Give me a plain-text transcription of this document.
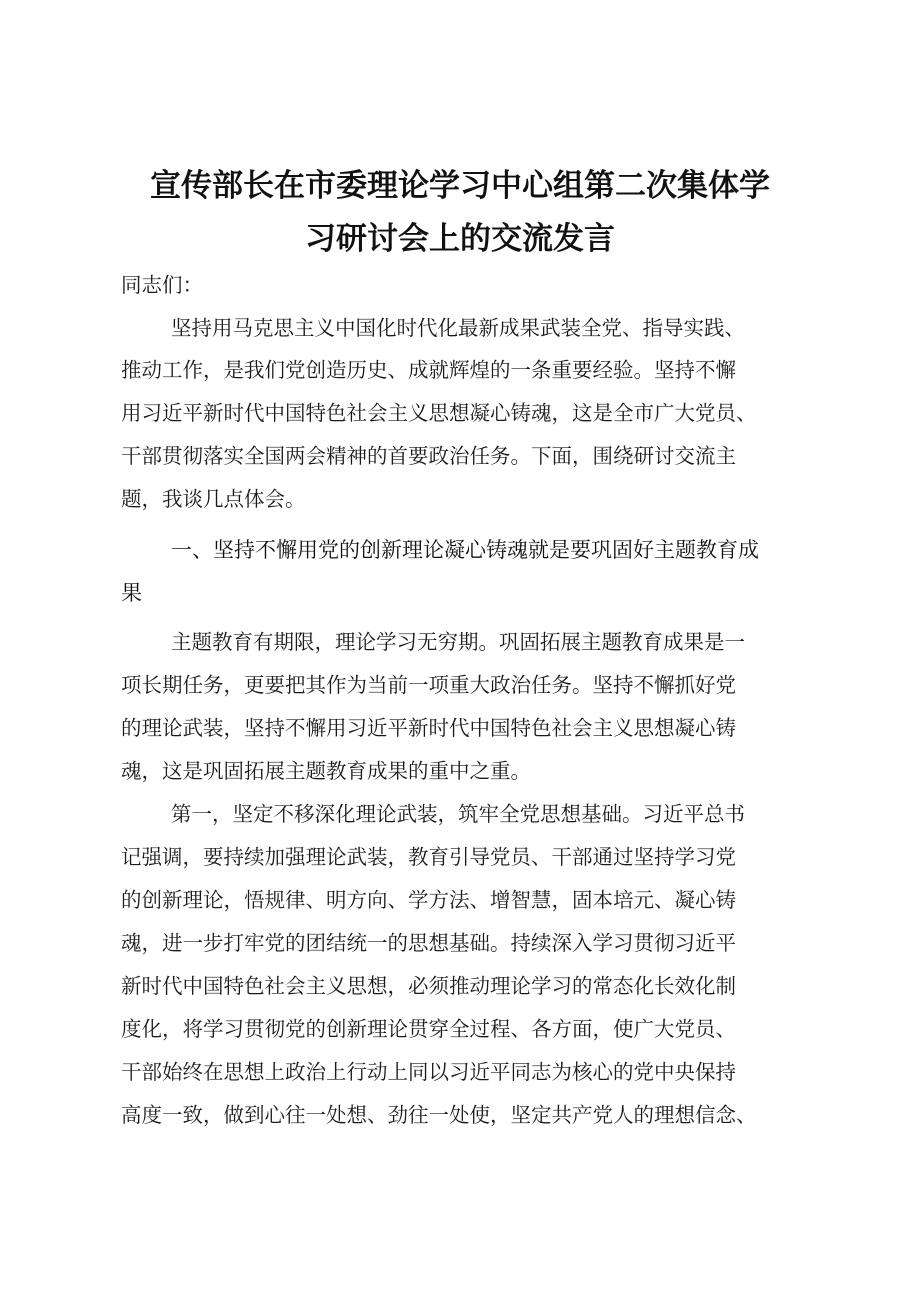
宣传部长在市委理论学习中心组第二次集体学
习研讨会上的交流发言
同志们：
坚持用马克思主义中国化时代化最新成果武装全党、指导实践、
推动工作，是我们党创造历史、成就辉煌的一条重要经验。坚持不懈
用习近平新时代中国特色社会主义思想凝心铸魂，这是全市广大党员、
干部贯彻落实全国两会精神的首要政治任务。下面，围绕研讨交流主
题，我谈几点体会。
一、坚持不懈用党的创新理论凝心铸魂就是要巩固好主题教育成
果
主题教育有期限，理论学习无穷期。巩固拓展主题教育成果是一
项长期任务，更要把其作为当前一项重大政治任务。坚持不懈抓好党
的理论武装，坚持不懈用习近平新时代中国特色社会主义思想凝心铸
魂，这是巩固拓展主题教育成果的重中之重。
第一，坚定不移深化理论武装，筑牢全党思想基础。习近平总书
记强调，要持续加强理论武装，教育引导党员、干部通过坚持学习党
的创新理论，悟规律、明方向、学方法、增智慧，固本培元、凝心铸
魂，进一步打牢党的团结统一的思想基础。持续深入学习贯彻习近平
新时代中国特色社会主义思想，必须推动理论学习的常态化长效化制
度化，将学习贯彻党的创新理论贯穿全过程、各方面，使广大党员、
干部始终在思想上政治上行动上同以习近平同志为核心的党中央保持
高度一致，做到心往一处想、劲往一处使，坚定共产党人的理想信念、
